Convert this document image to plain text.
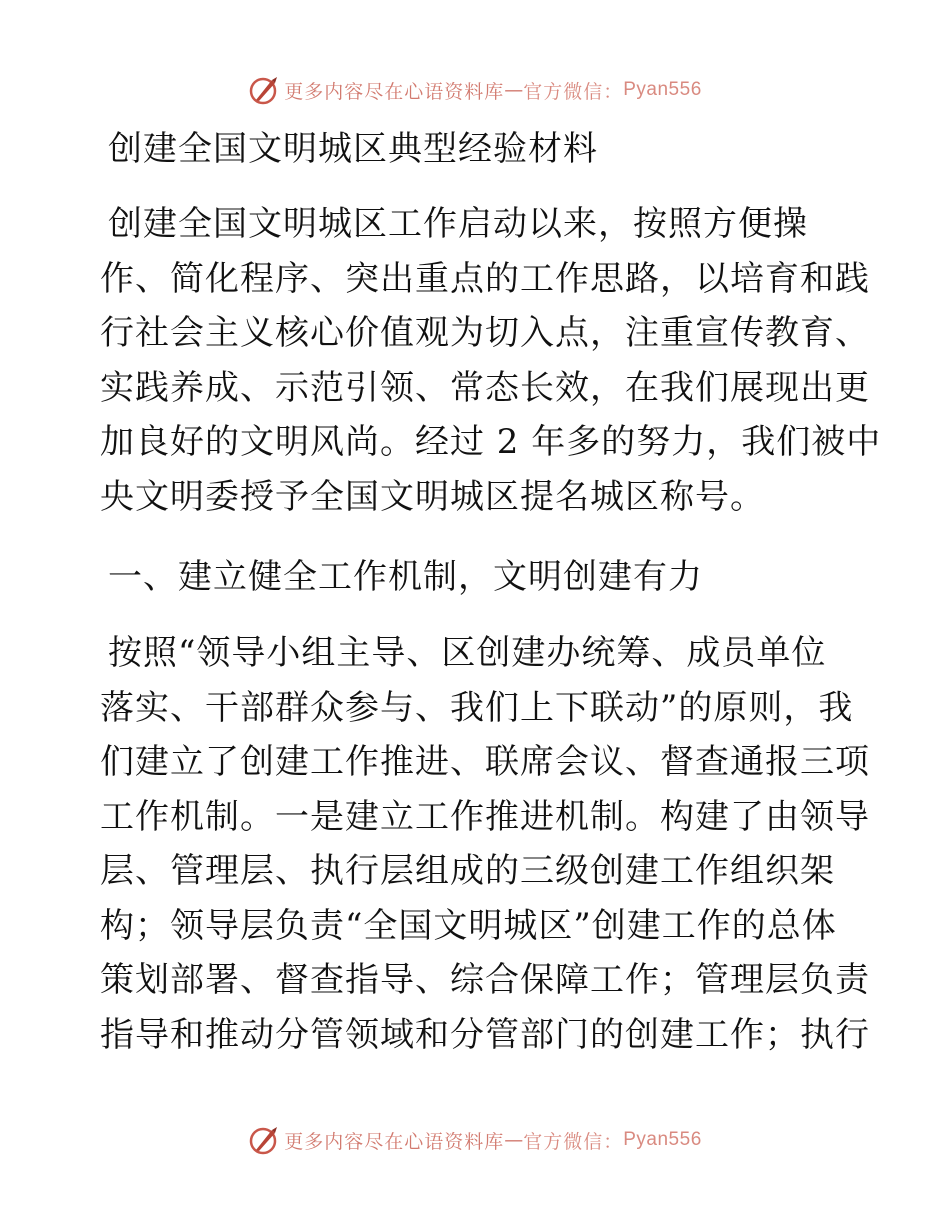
更多内容尽在心语资料库 — 官方微信： Pyan556
创建全国文明城区典型经验材料

创建全国文明城区工作启动以来，按照方便操
作、简化程序、突出重点的工作思路，以培育和践
行社会主义核心价值观为切入点，注重宣传教育、
实践养成、示范引领、常态长效，在我们展现出更
加良好的文明风尚。经过 2 年多的努力，我们被中
央文明委授予全国文明城区提名城区称号。

一、建立健全工作机制，文明创建有力

按照“领导小组主导、区创建办统筹、成员单位
落实、干部群众参与、我们上下联动”的原则，我
们建立了创建工作推进、联席会议、督查通报三项
工作机制。一是建立工作推进机制。构建了由领导
层、管理层、执行层组成的三级创建工作组织架
构；领导层负责“全国文明城区”创建工作的总体
策划部署、督查指导、综合保障工作；管理层负责
指导和推动分管领域和分管部门的创建工作；执行

更多内容尽在心语资料库 — 官方微信： Pyan556
